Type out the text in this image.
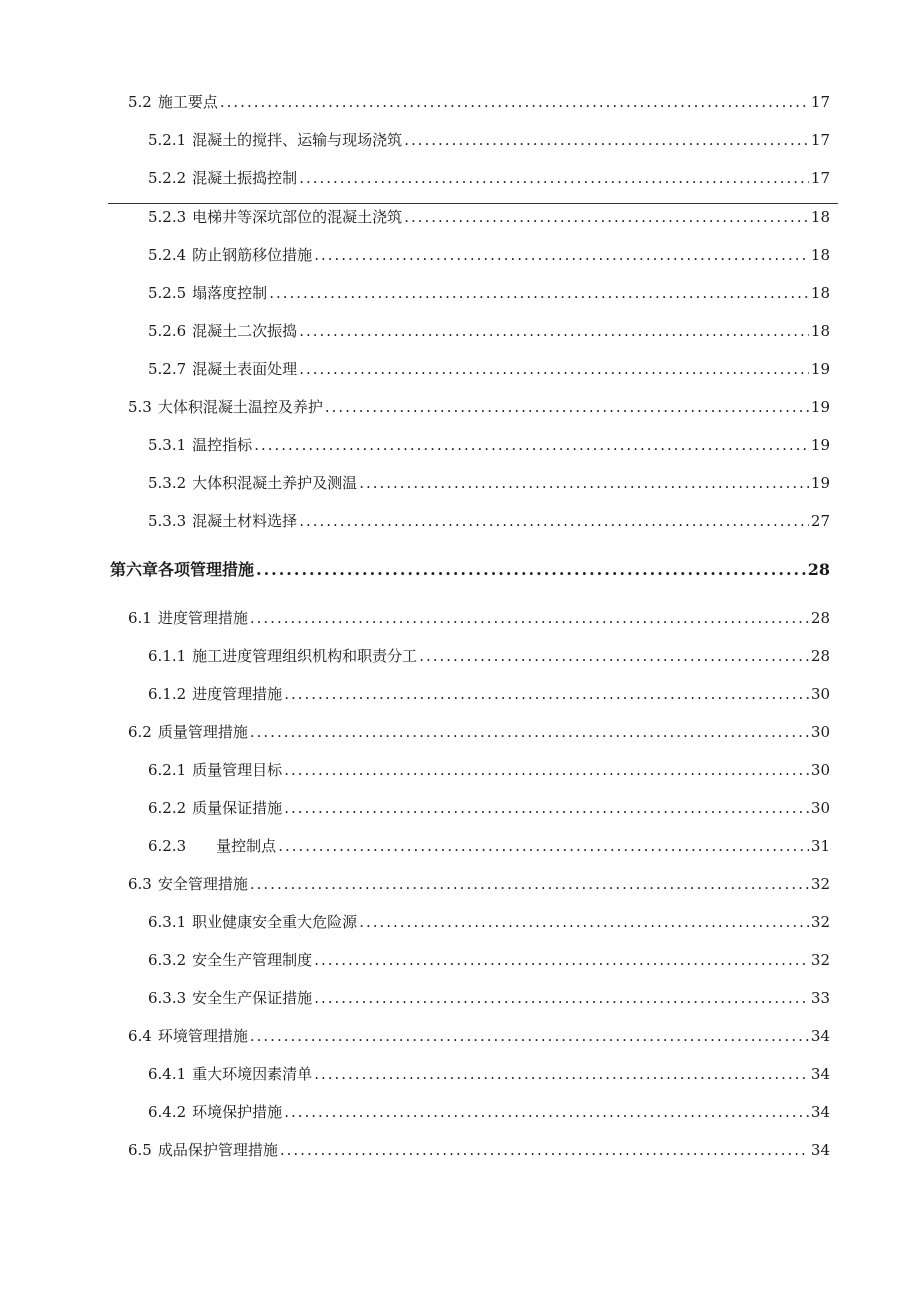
5.2 施工要点 .....	17
5.2.1 混凝土的搅拌、运输与现场浇筑 .....	17
5.2.2 混凝土振捣控制 .....	17
5.2.3 电梯井等深坑部位的混凝土浇筑 .....	18
5.2.4 防止钢筋移位措施 .....	18
5.2.5 塌落度控制 .....	18
5.2.6 混凝土二次振捣 .....	18
5.2.7 混凝土表面处理 .....	19
5.3 大体积混凝土温控及养护 .....	19
5.3.1 温控指标 .....	19
5.3.2 大体积混凝土养护及测温 .....	19
5.3.3 混凝土材料选择 .....	27
第六章各项管理措施 .....	28
6.1 进度管理措施 .....	28
6.1.1 施工进度管理组织机构和职责分工 .....	28
6.1.2 进度管理措施 .....	30
6.2 质量管理措施 .....	30
6.2.1 质量管理目标 .....	30
6.2.2 质量保证措施 .....	30
6.2.3 量控制点 .....	31
6.3 安全管理措施 .....	32
6.3.1 职业健康安全重大危险源 .....	32
6.3.2 安全生产管理制度 .....	32
6.3.3 安全生产保证措施 .....	33
6.4 环境管理措施 .....	34
6.4.1 重大环境因素清单 .....	34
6.4.2 环境保护措施 .....	34
6.5 成品保护管理措施 .....	34
